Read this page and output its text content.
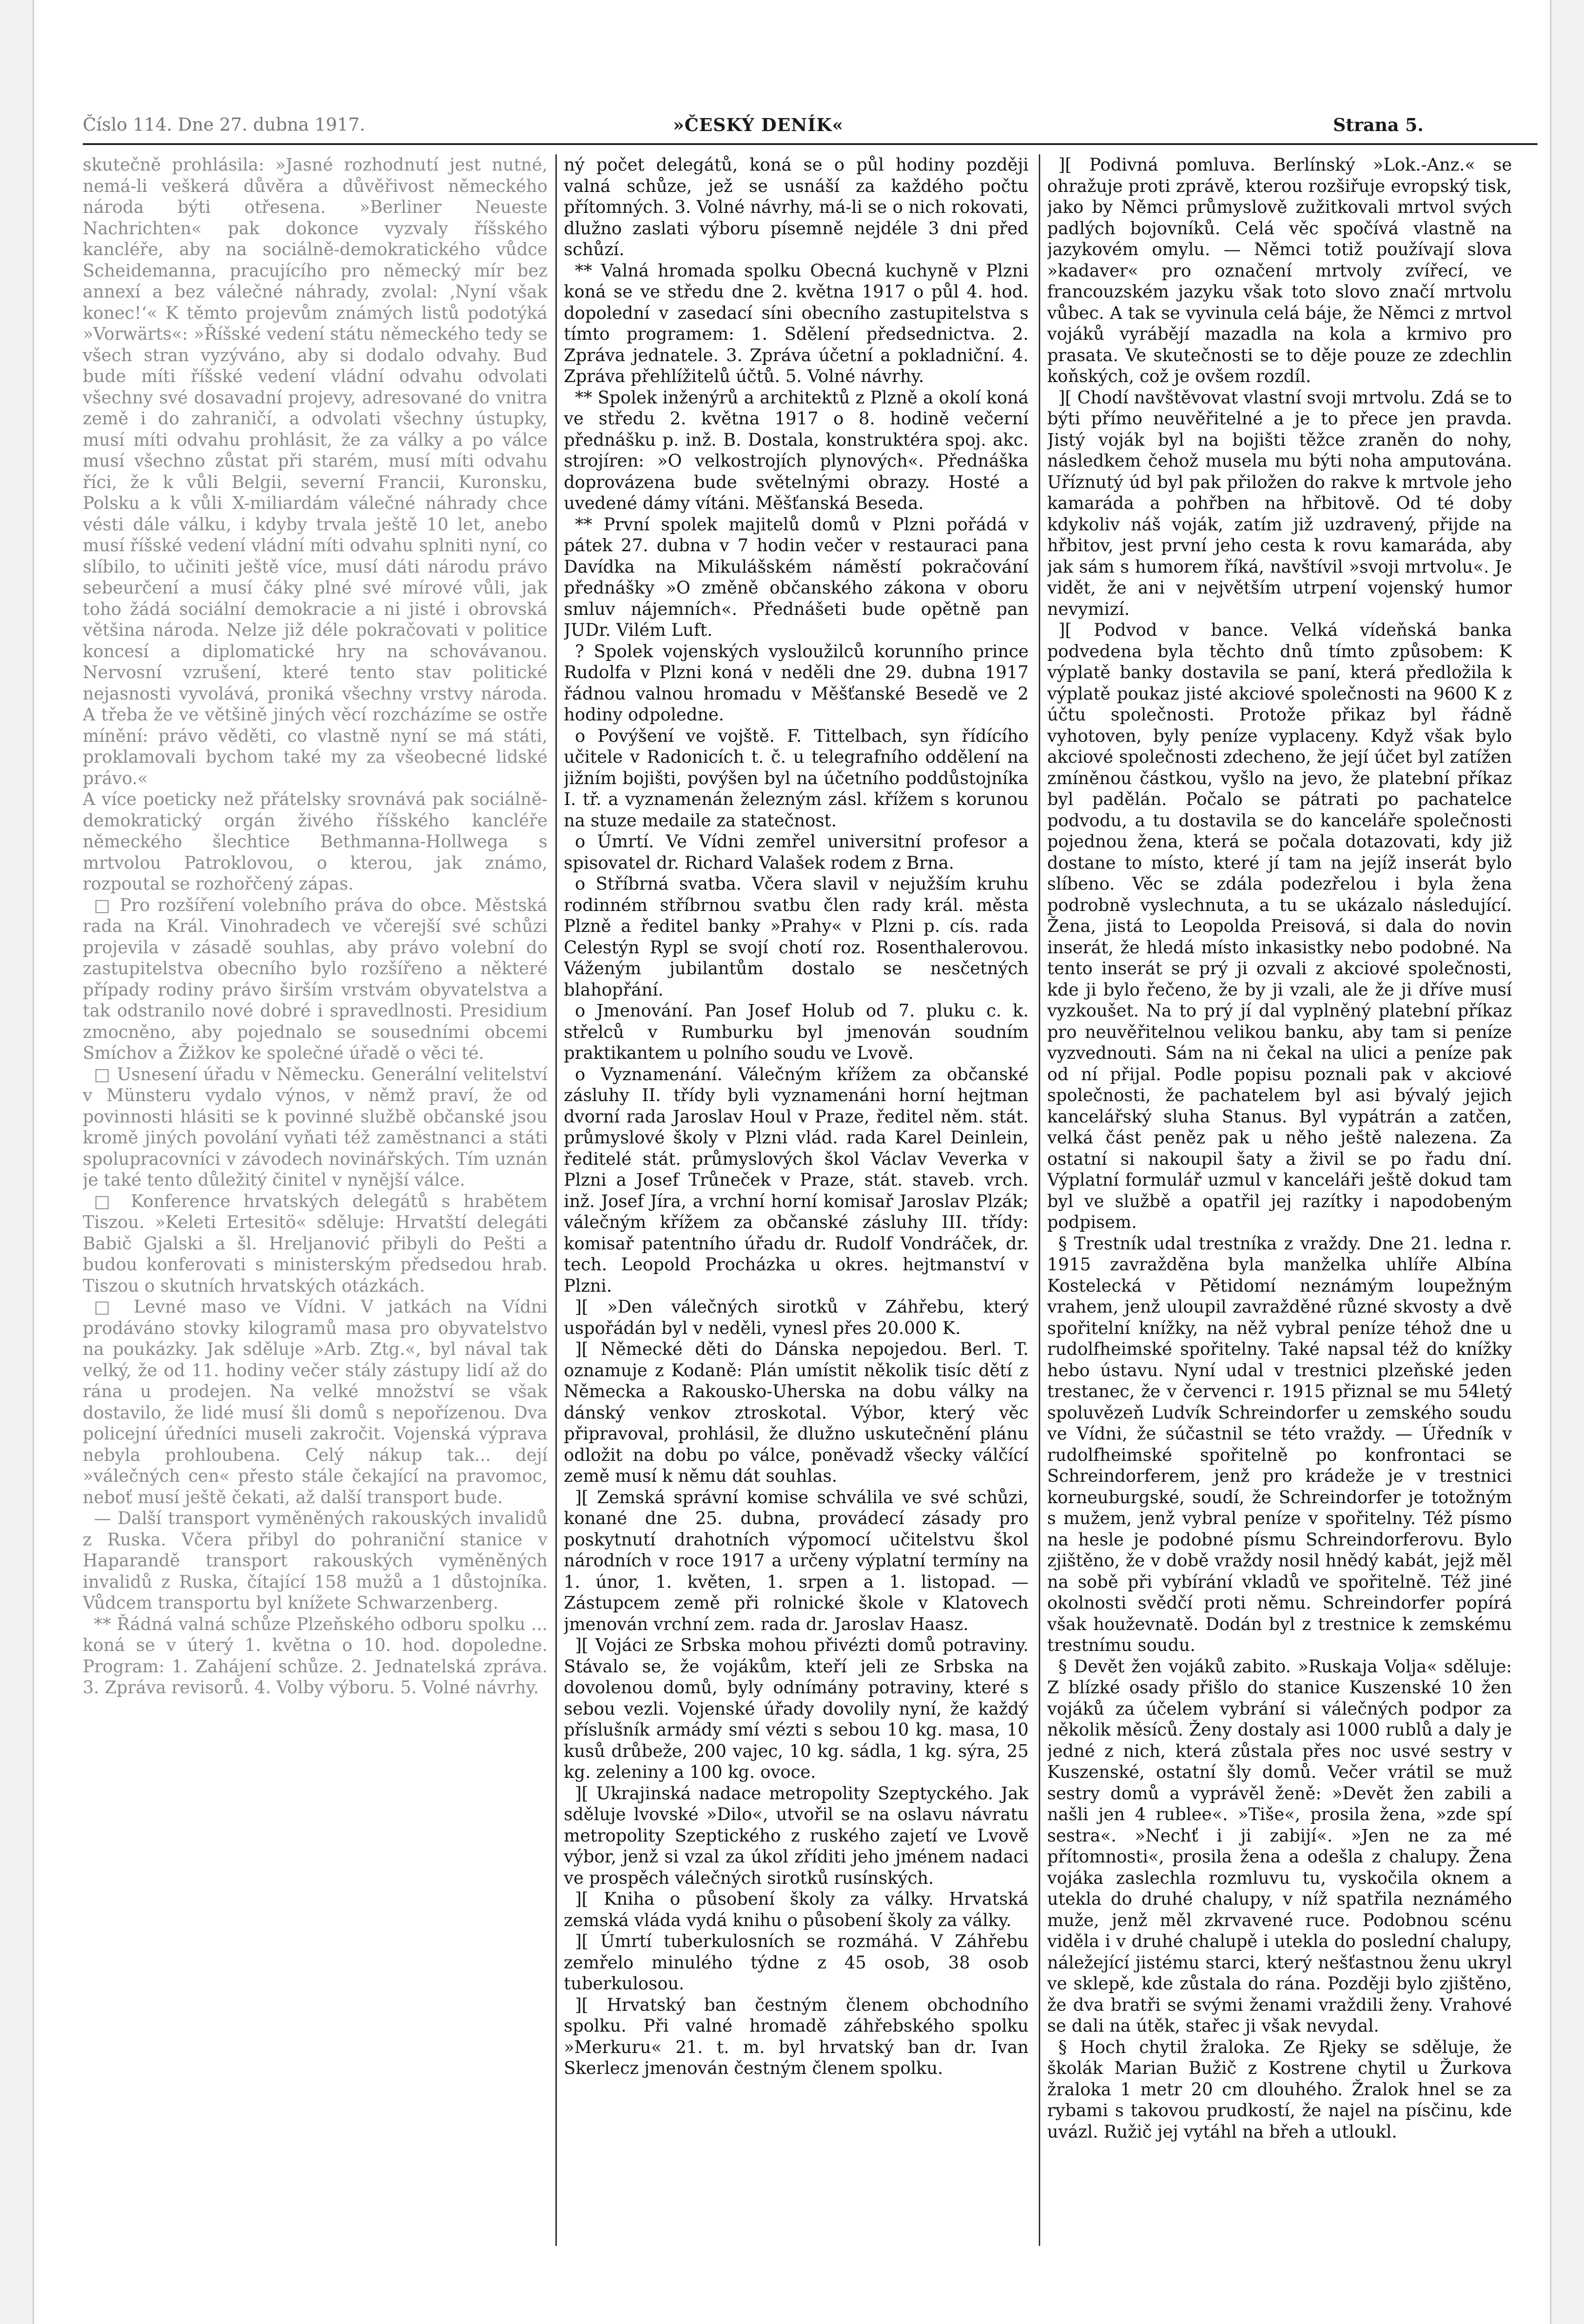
Číslo 114. Dne 27. dubna 1917.	»ČESKÝ DENÍK«	Strana 5.

skutečně prohlásila: »Jasné rozhodnutí jest nutné, nemá-li veškerá důvěra a důvěřivost německého národa býti otřesena. »Berliner Neueste Nachrichten« pak dokonce vyzvaly říšského kancléře, aby na sociálně-demokratického vůdce Scheidemanna, pracujícího pro německý mír bez annexí a bez válečné náhrady, zvolal: ‚Nyní však konec!‘« K těmto projevům známých listů podotýká »Vorwärts«: »Říšské vedení státu německého tedy se všech stran vyzýváno, aby si dodalo odvahy. Buď bude míti říšské vedení vládní odvahu odvolati všechny své dosavadní projevy, adresované do vnitra země i do zahraničí, a odvolati všechny ústupky, musí míti odvahu prohlásit, že za války a po válce musí všechno zůstat při starém, musí míti odvahu říci, že k vůli Belgii, severní Francii, Kuronsku, Polsku a k vůli X-miliardám válečné náhrady chce vésti dále válku, i kdyby trvala ještě 10 let, anebo musí říšské vedení vládní míti odvahu splniti nyní, co slíbilo, to učiniti ještě více, musí dáti národu právo sebeurčení a musí čáky plné své mírové vůli, jak toho žádá sociální demokracie a ni jisté i obrovská většina národa. Nelze již déle pokračovati v politice koncesí a diplomatické hry na schovávanou. Nervosní vzrušení, které tento stav politické nejasnosti vyvolává, proniká všechny vrstvy národa. A třeba že ve většině jiných věcí rozcházíme se ostře mínění: právo věděti, co vlastně nyní se má státi, proklamovali bychom také my za všeobecné lidské právo.«

A více poeticky než přátelsky srovnává pak sociálně-demokratický orgán živého říšského kancléře německého šlechtice Bethmanna-Hollwega s mrtvolou Patroklovou, o kterou, jak známo, rozpoutal se rozhořčený zápas.

□ Pro rozšíření volebního práva do obce. Městská rada na Král. Vinohradech ve včerejší své schůzi projevila v zásadě souhlas, aby právo volební do zastupitelstva obecního bylo rozšířeno a některé případy rodiny právo širším vrstvám obyvatelstva a tak odstranilo nové dobré i spravedlnosti. Presidium zmocněno, aby pojednalo se sousedními obcemi Smíchov a Žižkov ke společné úřadě o věci té.

□ Usnesení úřadu v Německu. Generální velitelství v Münsteru vydalo výnos, v němž praví, že od povinnosti hlásiti se k povinné službě občanské jsou kromě jiných povolání vyňati též zaměstnanci a státi spolupracovníci v závodech novinářských. Tím uznán je také tento důležitý činitel v nynější válce.

□ Konference hrvatských delegátů s hrabětem Tiszou. »Keleti Ertesitö« sděluje: Hrvatští delegáti Babič Gjalski a šl. Hreljanović přibyli do Pešti a budou konferovati s ministerským předsedou hrab. Tiszou o skutních hrvatských otázkách.

□ Levné maso ve Vídni. V jatkách na Vídni prodáváno stovky kilogramů masa pro obyvatelstvo na poukázky. Jak sděluje »Arb. Ztg.«, byl nával tak velký, že od 11. hodiny večer stály zástupy lidí až do rána u prodejen. Na velké množství se však dostavilo, že lidé musí šli domů s nepořízenou. Dva policejní úředníci museli zakročit. Vojenská výprava nebyla prohloubena. Celý nákup tak... dejí »válečných cen« přesto stále čekající na pravomoc, neboť musí ještě čekati, až další transport bude.

— Další transport vyměněných rakouských invalidů z Ruska. Včera přibyl do pohraniční stanice v Haparandě transport rakouských vyměněných invalidů z Ruska, čítající 158 mužů a 1 důstojníka. Vůdcem transportu byl knížete Schwarzenberg.

** Řádná valná schůze Plzeňského odboru spolku ... koná se v úterý 1. května o 10. hod. dopoledne. Program: 1. Zahájení schůze. 2. Jednatelská zpráva. 3. Zpráva revisorů. 4. Volby výboru. 5. Volné návrhy.

ný počet delegátů, koná se o půl hodiny později valná schůze, jež se usnáší za každého počtu přítomných. 3. Volné návrhy, má-li se o nich rokovati, dlužno zaslati výboru písemně nejdéle 3 dni před schůzí.

** Valná hromada spolku Obecná kuchyně v Plzni koná se ve středu dne 2. května 1917 o půl 4. hod. dopolední v zasedací síni obecního zastupitelstva s tímto programem: 1. Sdělení předsednictva. 2. Zpráva jednatele. 3. Zpráva účetní a pokladniční. 4. Zpráva přehlížitelů účtů. 5. Volné návrhy.

** Spolek inženýrů a architektů z Plzně a okolí koná ve středu 2. května 1917 o 8. hodině večerní přednášku p. inž. B. Dostala, konstruktéra spoj. akc. strojíren: »O velkostrojích plynových«. Přednáška doprovázena bude světelnými obrazy. Hosté a uvedené dámy vítáni. Měšťanská Beseda.

** První spolek majitelů domů v Plzni pořádá v pátek 27. dubna v 7 hodin večer v restauraci pana Davídka na Mikulášském náměstí pokračování přednášky »O změně občanského zákona v oboru smluv nájemních«. Přednášeti bude opětně pan JUDr. Vilém Luft.

? Spolek vojenských vysloužilců korunního prince Rudolfa v Plzni koná v neděli dne 29. dubna 1917 řádnou valnou hromadu v Měšťanské Besedě ve 2 hodiny odpoledne.

o Povýšení ve vojště. F. Tittelbach, syn řídícího učitele v Radonicích t. č. u telegrafního oddělení na jižním bojišti, povýšen byl na účetního poddůstojníka I. tř. a vyznamenán železným zásl. křížem s korunou na stuze medaile za statečnost.

o Úmrtí. Ve Vídni zemřel universitní profesor a spisovatel dr. Richard Valašek rodem z Brna.

o Stříbrná svatba. Včera slavil v nejužším kruhu rodinném stříbrnou svatbu člen rady král. města Plzně a ředitel banky »Prahy« v Plzni p. cís. rada Celestýn Rypl se svojí chotí roz. Rosenthalerovou. Váženým jubilantům dostalo se nesčetných blahopřání.

o Jmenování. Pan Josef Holub od 7. pluku c. k. střelců v Rumburku byl jmenován soudním praktikantem u polního soudu ve Lvově.

o Vyznamenání. Válečným křížem za občanské zásluhy II. třídy byli vyznamenáni horní hejtman dvorní rada Jaroslav Houl v Praze, ředitel něm. stát. průmyslové školy v Plzni vlád. rada Karel Deinlein, ředitelé stát. průmyslových škol Václav Veverka v Plzni a Josef Trůneček v Praze, stát. staveb. vrch. inž. Josef Jíra, a vrchní horní komisař Jaroslav Plzák; válečným křížem za občanské zásluhy III. třídy: komisař patentního úřadu dr. Rudolf Vondráček, dr. tech. Leopold Procházka u okres. hejtmanství v Plzni.

][ »Den válečných sirotků v Záhřebu, který uspořádán byl v neděli, vynesl přes 20.000 K.

][ Německé děti do Dánska nepojedou. Berl. T. oznamuje z Kodaně: Plán umístit několik tisíc dětí z Německa a Rakousko-Uherska na dobu války na dánský venkov ztroskotal. Výbor, který věc připravoval, prohlásil, že dlužno uskutečnění plánu odložit na dobu po válce, poněvadž všecky válčící země musí k němu dát souhlas.

][ Zemská správní komise schválila ve své schůzi, konané dne 25. dubna, provádecí zásady pro poskytnutí drahotních výpomocí učitelstvu škol národních v roce 1917 a určeny výplatní termíny na 1. únor, 1. květen, 1. srpen a 1. listopad. — Zástupcem země při rolnické škole v Klatovech jmenován vrchní zem. rada dr. Jaroslav Haasz.

][ Vojáci ze Srbska mohou přivézti domů potraviny. Stávalo se, že vojákům, kteří jeli ze Srbska na dovolenou domů, byly odnímány potraviny, které s sebou vezli. Vojenské úřady dovolily nyní, že každý příslušník armády smí vézti s sebou 10 kg. masa, 10 kusů drůbeže, 200 vajec, 10 kg. sádla, 1 kg. sýra, 25 kg. zeleniny a 100 kg. ovoce.

][ Ukrajinská nadace metropolity Szeptyckého. Jak sděluje lvovské »Dilo«, utvořil se na oslavu návratu metropolity Szeptického z ruského zajetí ve Lvově výbor, jenž si vzal za úkol zříditi jeho jménem nadaci ve prospěch válečných sirotků rusínských.

][ Kniha o působení školy za války. Hrvatská zemská vláda vydá knihu o působení školy za války.

][ Úmrtí tuberkulosních se rozmáhá. V Záhřebu zemřelo minulého týdne z 45 osob, 38 osob tuberkulosou.

][ Hrvatský ban čestným členem obchodního spolku. Při valné hromadě záhřebského spolku »Merkuru« 21. t. m. byl hrvatský ban dr. Ivan Skerlecz jmenován čestným členem spolku.

][ Podivná pomluva. Berlínský »Lok.-Anz.« se ohražuje proti zprávě, kterou rozšiřuje evropský tisk, jako by Němci průmyslově zužitkovali mrtvol svých padlých bojovníků. Celá věc spočívá vlastně na jazykovém omylu. — Němci totiž používají slova »kadaver« pro označení mrtvoly zvířecí, ve francouzském jazyku však toto slovo značí mrtvolu vůbec. A tak se vyvinula celá báje, že Němci z mrtvol vojáků vyrábějí mazadla na kola a krmivo pro prasata. Ve skutečnosti se to děje pouze ze zdechlin koňských, což je ovšem rozdíl.

][ Chodí navštěvovat vlastní svoji mrtvolu. Zdá se to býti přímo neuvěřitelné a je to přece jen pravda. Jistý voják byl na bojišti těžce zraněn do nohy, následkem čehož musela mu býti noha amputována. Uříznutý úd byl pak přiložen do rakve k mrtvole jeho kamaráda a pohřben na hřbitově. Od té doby kdykoliv náš voják, zatím již uzdravený, přijde na hřbitov, jest první jeho cesta k rovu kamaráda, aby jak sám s humorem říká, navštívil »svoji mrtvolu«. Je vidět, že ani v největším utrpení vojenský humor nevymizí.

][ Podvod v bance. Velká vídeňská banka podvedena byla těchto dnů tímto způsobem: K výplatě banky dostavila se paní, která předložila k výplatě poukaz jisté akciové společnosti na 9600 K z účtu společnosti. Protože přikaz byl řádně vyhotoven, byly peníze vyplaceny. Když však bylo akciové společnosti zdecheno, že její účet byl zatížen zmíněnou částkou, vyšlo na jevo, že platební příkaz byl padělán. Počalo se pátrati po pachatelce podvodu, a tu dostavila se do kanceláře společnosti pojednou žena, která se počala dotazovati, kdy již dostane to místo, které jí tam na jejíž inserát bylo slíbeno. Věc se zdála podezřelou i byla žena podrobně vyslechnuta, a tu se ukázalo následující. Žena, jistá to Leopolda Preisová, si dala do novin inserát, že hledá místo inkasistky nebo podobné. Na tento inserát se prý ji ozvali z akciové společnosti, kde ji bylo řečeno, že by ji vzali, ale že ji dříve musí vyzkoušet. Na to prý jí dal vyplněný platební příkaz pro neuvěřitelnou velikou banku, aby tam si peníze vyzvednouti. Sám na ni čekal na ulici a peníze pak od ní přijal. Podle popisu poznali pak v akciové společnosti, že pachatelem byl asi bývalý jejich kancelářský sluha Stanus. Byl vypátrán a zatčen, velká část peněz pak u něho ještě nalezena. Za ostatní si nakoupil šaty a živil se po řadu dní. Výplatní formulář uzmul v kanceláři ještě dokud tam byl ve službě a opatřil jej razítky i napodobeným podpisem.

§ Trestník udal trestníka z vraždy. Dne 21. ledna r. 1915 zavražděna byla manželka uhlíře Albína Kostelecká v Pětidomí neznámým loupežným vrahem, jenž uloupil zavražděné různé skvosty a dvě spořitelní knížky, na něž vybral peníze téhož dne u rudolfheimské spořitelny. Také napsal též do knížky hebo ústavu. Nyní udal v trestnici plzeňské jeden trestanec, že v červenci r. 1915 přiznal se mu 54letý spoluvězeň Ludvík Schreindorfer u zemského soudu ve Vídni, že súčastnil se této vraždy. — Úředník v rudolfheimské spořitelně po konfrontaci se Schreindorferem, jenž pro krádeže je v trestnici korneuburgské, soudí, že Schreindorfer je totožným s mužem, jenž vybral peníze v spořitelny. Též písmo na hesle je podobné písmu Schreindorferovu. Bylo zjištěno, že v době vraždy nosil hnědý kabát, jejž měl na sobě při vybírání vkladů ve spořitelně. Též jiné okolnosti svědčí proti němu. Schreindorfer popírá však houževnatě. Dodán byl z trestnice k zemskému trestnímu soudu.

§ Devět žen vojáků zabito. »Ruskaja Volja« sděluje: Z blízké osady přišlo do stanice Kuszenské 10 žen vojáků za účelem vybrání si válečných podpor za několik měsíců. Ženy dostaly asi 1000 rublů a daly je jedné z nich, která zůstala přes noc usvé sestry v Kuszenské, ostatní šly domů. Večer vrátil se muž sestry domů a vyprávěl ženě: »Devět žen zabili a našli jen 4 rublee«. »Tiše«, prosila žena, »zde spí sestra«. »Nechť i ji zabijí«. »Jen ne za mé přítomnosti«, prosila žena a odešla z chalupy. Žena vojáka zaslechla rozmluvu tu, vyskočila oknem a utekla do druhé chalupy, v níž spatřila neznámého muže, jenž měl zkrvavené ruce. Podobnou scénu viděla i v druhé chalupě i utekla do poslední chalupy, náležející jistému starci, který nešťastnou ženu ukryl ve sklepě, kde zůstala do rána. Později bylo zjištěno, že dva bratři se svými ženami vraždili ženy. Vrahové se dali na útěk, stařec ji však nevydal.

§ Hoch chytil žraloka. Ze Rjeky se sděluje, že školák Marian Bužič z Kostrene chytil u Žurkova žraloka 1 metr 20 cm dlouhého. Žralok hnel se za rybami s takovou prudkostí, že najel na písčinu, kde uvázl. Ružič jej vytáhl na břeh a utloukl.
